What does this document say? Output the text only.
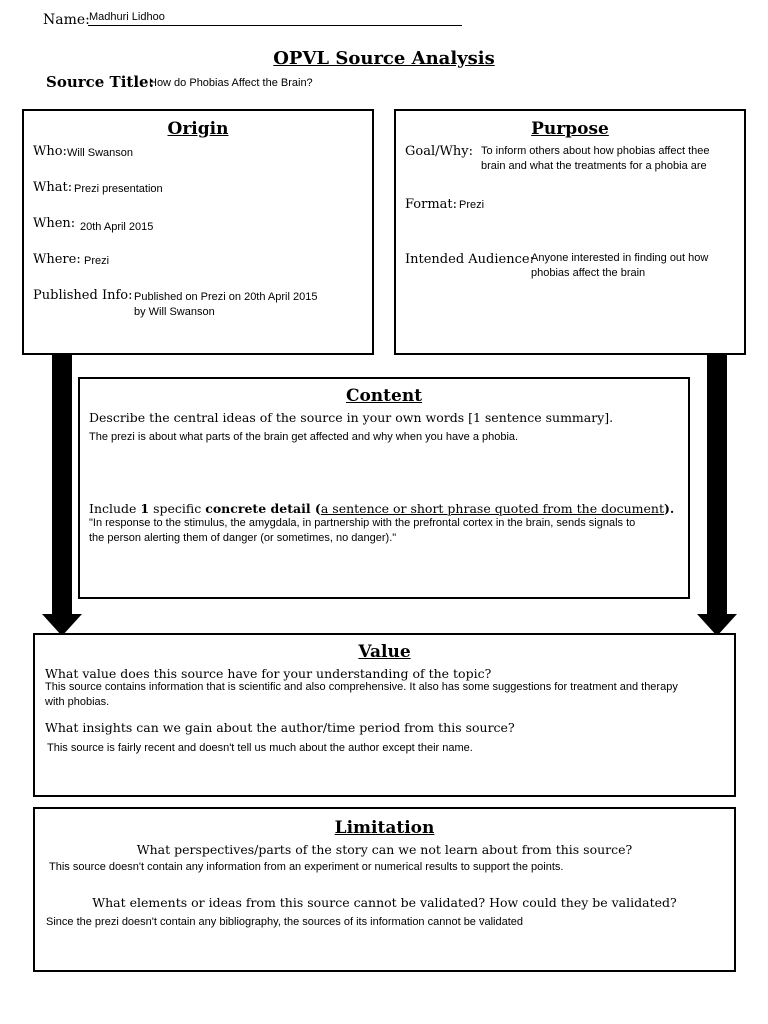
Name: Madhuri Lidhoo
OPVL Source Analysis
Source Title:
How do Phobias Affect the Brain?
Origin
Who: Will Swanson
What: Prezi presentation
When: 20th April 2015
Where: Prezi
Published Info: Published on Prezi on 20th April 2015
by Will Swanson
Purpose
Goal/Why: To inform others about how phobias affect thee
brain and what the treatments for a phobia are
Format: Prezi
Intended Audience:
Anyone interested in finding out how
phobias affect the brain
Content
Describe the central ideas of the source in your own words [1 sentence summary].
The prezi is about what parts of the brain get affected and why when you have a phobia.
Include 1 specific concrete detail (a sentence or short phrase quoted from the document).
"In response to the stimulus, the amygdala, in partnership with the prefrontal cortex in the brain, sends signals to
the person alerting them of danger (or sometimes, no danger)."
Value
What value does this source have for your understanding of the topic?
This source contains information that is scientific and also comprehensive. It also has some suggestions for treatment and therapy
with phobias.
What insights can we gain about the author/time period from this source?
This source is fairly recent and doesn't tell us much about the author except their name.
Limitation
What perspectives/parts of the story can we not learn about from this source?
This source doesn't contain any information from an experiment or numerical results to support the points.
What elements or ideas from this source cannot be validated? How could they be validated?
Since the prezi doesn't contain any bibliography, the sources of its information cannot be validated
